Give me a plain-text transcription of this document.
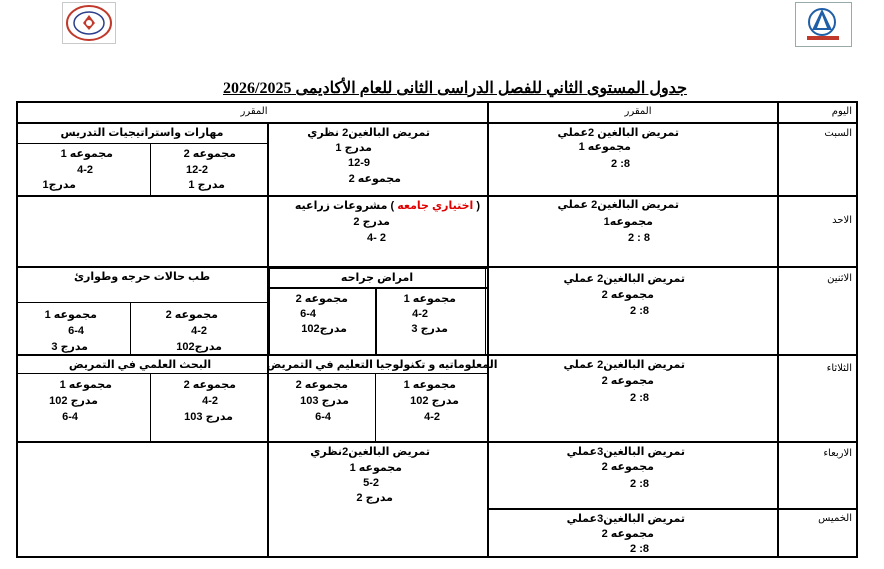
جدول المستوى الثاني للفصل الدراسى الثانى للعام الأكاديمى 2026/2025
اليوم
المقرر
المقرر
السبت
الاحد
الاثنين
الثلاثاء
الاربعاء
الخميس
تمريض البالغين 2عملي
مجموعه 1
8: 2
تمريض البالغين2 نظري
مدرج 1
12-9
مجموعه 2
مهارات واستراتيجيات التدريس
مجموعه 2
12-2
مدرج 1
مجموعه 1
4-2
مدرج1
تمريض البالغين2 عملي
مجموعه1
8 : 2
( اختياري جامعه ) مشروعات زراعيه
مدرج 2
2 -4
تمريض البالغين2 عملي
مجموعه 2
8: 2
امراض جراحه
مجموعه 1
4-2
مدرج 3
مجموعه 2
6-4
مدرج102
طب حالات حرجه وطوارئ
مجموعه 2
4-2
مدرج102
مجموعه 1
6-4
مدرج 3
تمريض البالغين2 عملي
مجموعه 2
8: 2
المعلوماتيه و تكنولوجيا التعليم في التمريض
مجموعه 1
مدرج 102
4-2
مجموعه 2
مدرج 103
6-4
البحث العلمي في التمريض
مجموعه 2
4-2
مدرج 103
مجموعه 1
مدرج 102
6-4
تمريض البالغين3عملي
مجموعه 2
8: 2
تمريض البالغين2نظري
مجموعه 1
5-2
مدرج 2
تمريض البالغين3عملي
مجموعه 2
8: 2
